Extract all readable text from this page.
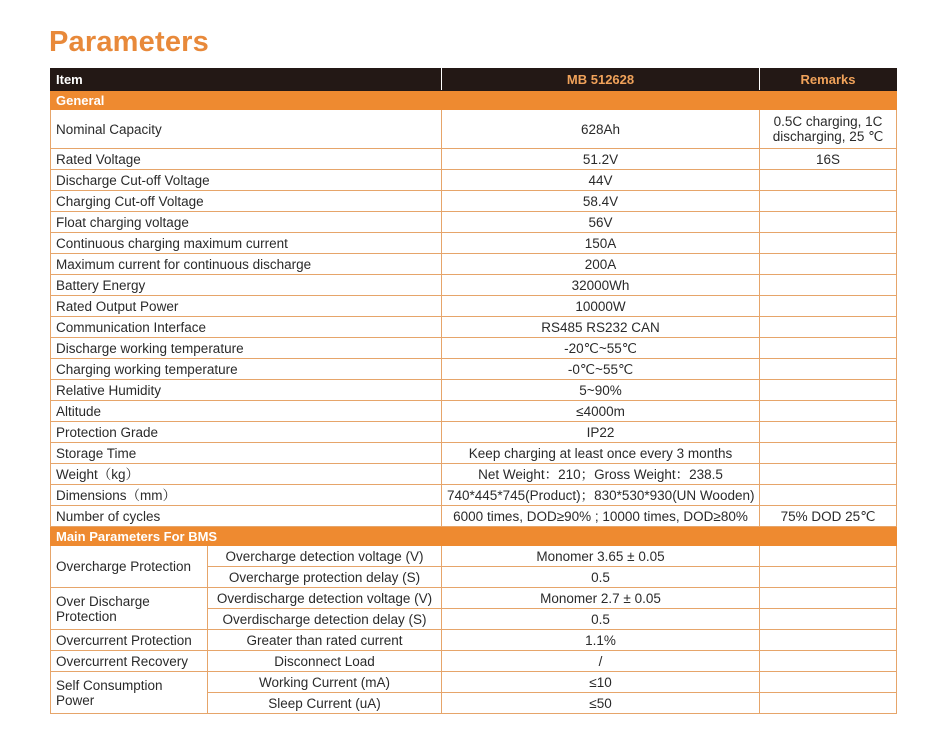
Parameters
Item		MB 512628	Remarks
General			
Nominal Capacity		628Ah	0.5C charging, 1C discharging, 25 ℃
Rated Voltage		51.2V	16S
Discharge Cut-off Voltage		44V	
Charging Cut-off Voltage		58.4V	
Float charging voltage		56V	
Continuous charging maximum current		150A	
Maximum current for continuous discharge		200A	
Battery Energy		32000Wh	
Rated Output Power		10000W	
Communication Interface		RS485 RS232 CAN	
Discharge working temperature		-20℃~55℃	
Charging working temperature		-0℃~55℃	
Relative Humidity		5~90%	
Altitude		≤4000m	
Protection Grade		IP22	
Storage Time		Keep charging at least once every 3 months	
Weight（kg）		Net Weight：210；Gross Weight：238.5	
Dimensions（mm）		740*445*745(Product)；830*530*930(UN Wooden)	
Number of cycles		6000 times, DOD≥90% ; 10000 times, DOD≥80%	75% DOD 25℃
Main Parameters For BMS			
Overcharge Protection	Overcharge detection voltage (V)	Monomer 3.65 ± 0.05	
	Overcharge protection delay (S)	0.5	
Over Discharge Protection	Overdischarge detection voltage (V)	Monomer 2.7 ± 0.05	
	Overdischarge detection delay (S)	0.5	
Overcurrent Protection	Greater than rated current	1.1%	
Overcurrent Recovery	Disconnect Load	/	
Self Consumption Power	Working Current (mA)	≤10	
	Sleep Current (uA)	≤50	
